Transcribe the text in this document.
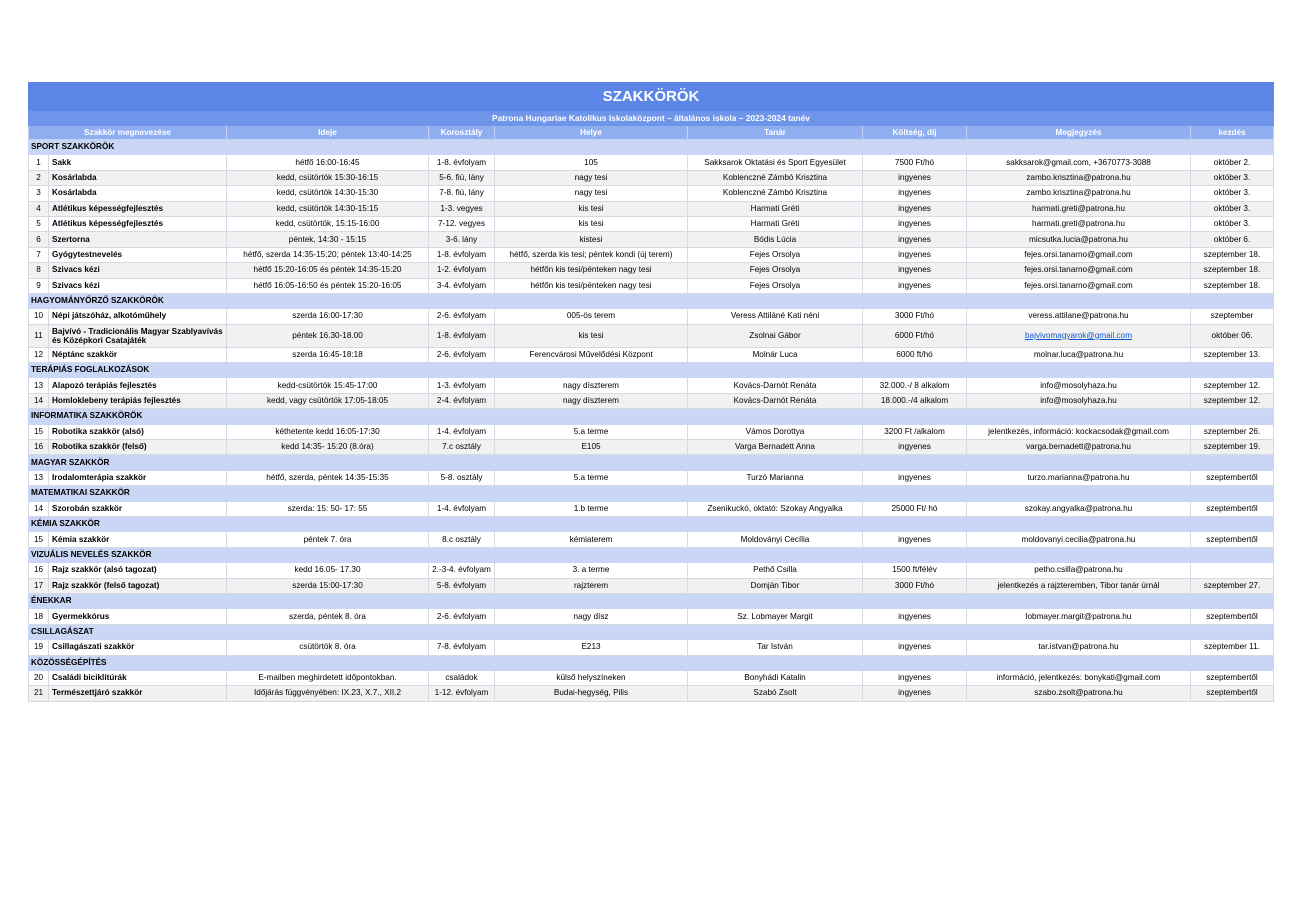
SZAKKÖRÖK								
Patrona Hungariae Katolikus Iskolaközpont – általános iskola – 2023-2024 tanév								
Szakkör megnevezése		Ideje	Korosztály	Helye	Tanár	Költség, díj	Megjegyzés	kezdés
SPORT SZAKKÖRÖK								
1	Sakk	hétfő 16:00-16:45	1-8. évfolyam	105	Sakksarok Oktatási és Sport Egyesület	7500 Ft/hó	sakksarok@gmail.com, +3670773-3088	október 2.
2	Kosárlabda	kedd, csütörtök 15:30-16:15	5-6. fiú, lány	nagy tesi	Koblenczné Zámbó Krisztina	ingyenes	zambo.krisztina@patrona.hu	október 3.
3	Kosárlabda	kedd, csütörtök 14:30-15:30	7-8. fiú, lány	nagy tesi	Koblenczné Zámbó Krisztina	ingyenes	zambo.krisztina@patrona.hu	október 3.
4	Atlétikus képességfejlesztés	kedd, csütörtök 14:30-15:15	1-3. vegyes	kis tesi	Harmati Gréti	ingyenes	harmati.greti@patrona.hu	október 3.
5	Atlétikus képességfejlesztés	kedd, csütörtök, 15:15-16:00	7-12. vegyes	kis tesi	Harmati Gréti	ingyenes	harmati.greti@patrona.hu	október 3.
6	Szertorna	péntek, 14:30 - 15:15	3-6. lány	kistesi	Bódis Lúcia	ingyenes	micsutka.lucia@patrona.hu	október 6.
7	Gyógytestnevelés	hétfő, szerda 14:35-15:20; péntek 13:40-14:25	1-8. évfolyam	hétfő, szerda kis tesi; péntek kondi (új terem)	Fejes Orsolya	ingyenes	fejes.orsi.tanarno@gmail.com	szeptember 18.
8	Szivacs kézi	hétfő 15:20-16:05 és péntek 14:35-15:20	1-2. évfolyam	hétfőn kis tesi/pénteken nagy tesi	Fejes Orsolya	ingyenes	fejes.orsi.tanarno@gmail.com	szeptember 18.
9	Szivacs kézi	hétfő 16:05-16:50 és péntek 15:20-16:05	3-4. évfolyam	hétfőn kis tesi/pénteken nagy tesi	Fejes Orsolya	ingyenes	fejes.orsi.tanarno@gmail.com	szeptember 18.
HAGYOMÁNYŐRZŐ SZAKKÖRÖK								
10	Népi játszóház, alkotóműhely	szerda 16:00-17:30	2-6. évfolyam	005-ös terem	Veress Attiláné Kati néni	3000 Ft/hó	veress.attilane@patrona.hu	szeptember
11	Bajvívó - Tradicionális Magyar Szablyavívás és Középkori Csatajáték	péntek 16.30-18.00	1-8. évfolyam	kis tesi	Zsolnai Gábor	6000 Ft/hó	bajvivomagyarok@gmail.com	október 06.
12	Néptánc szakkör	szerda 16:45-18:18	2-6. évfolyam	Ferencvárosi Művelődési Központ	Molnár Luca	6000 ft/hó	molnar.luca@patrona.hu	szeptember 13.
TERÁPIÁS FOGLALKOZÁSOK								
13	Alapozó terápiás fejlesztés	kedd-csütörtök 15:45-17:00	1-3. évfolyam	nagy díszterem	Kovács-Darnót Renáta	32.000.-/ 8 alkalom	info@mosolyhaza.hu	szeptember 12.
14	Homloklebeny terápiás fejlesztés	kedd, vagy csütörtök 17:05-18:05	2-4. évfolyam	nagy díszterem	Kovács-Darnót Renáta	18.000.-/4 alkalom	info@mosolyhaza.hu	szeptember 12.
INFORMATIKA SZAKKÖRÖK								
15	Robotika szakkör (alsó)	kéthetente kedd 16:05-17:30	1-4. évfolyam	5.a terme	Vámos Dorottya	3200 Ft /alkalom	jelentkezés, információ: kockacsodak@gmail.com	szeptember 26.
16	Robotika szakkör (felső)	kedd 14:35- 15:20 (8.óra)	7.c osztály	E105	Varga Bernadett Anna	ingyenes	varga.bernadett@patrona.hu	szeptember 19.
MAGYAR SZAKKÖR								
13	Irodalomterápia szakkör	hétfő, szerda, péntek 14:35-15:35	5-8. osztály	5.a terme	Turzó Marianna	ingyenes	turzo.marianna@patrona.hu	szeptembertől
MATEMATIKAI SZAKKÖR								
14	Szorobán szakkör	szerda: 15: 50- 17: 55	1-4. évfolyam	1.b terme	Zsenikuckó, oktató: Szokay Angyalka	25000 Ft/ hó	szokay.angyalka@patrona.hu	szeptembertől
KÉMIA SZAKKÖR								
15	Kémia szakkör	péntek 7. óra	8.c osztály	kémiaterem	Moldoványi Cecília	ingyenes	moldovanyi.cecilia@patrona.hu	szeptembertől
VIZUÁLIS NEVELÉS SZAKKÖR								
16	Rajz szakkör (alsó tagozat)	kedd 16.05- 17.30	2.-3-4. évfolyam	3. a terme	Pethő Csilla	1500 ft/félév	petho.csilla@patrona.hu	
17	Rajz szakkör (felső tagozat)	szerda 15:00-17:30	5-8. évfolyam	rajzterem	Domján Tibor	3000 Ft/hó	jelentkezés a rajzteremben, Tibor tanár úrnál	szeptember 27.
ÉNEKKAR								
18	Gyermekkórus	szerda, péntek 8. óra	2-6. évfolyam	nagy dísz	Sz. Lobmayer Margit	ingyenes	lobmayer.margit@patrona.hu	szeptembertől
CSILLAGÁSZAT								
19	Csillagászati szakkör	csütörtök 8. óra	7-8. évfolyam	E213	Tar István	ingyenes	tar.istvan@patrona.hu	szeptember 11.
KÖZÖSSÉGÉPÍTÉS								
20	Családi biciklitúrák	E-mailben meghirdetett időpontokban.	családok	külső helyszíneken	Bonyhádi Katalin	ingyenes	információ, jelentkezés: bonykati@gmail.com	szeptembertől
21	Természettjáró szakkör	Időjárás függvényében: IX.23, X.7., XII.2	1-12. évfolyam	Budai-hegység, Pilis	Szabó Zsolt	ingyenes	szabo.zsolt@patrona.hu	szeptembertől
